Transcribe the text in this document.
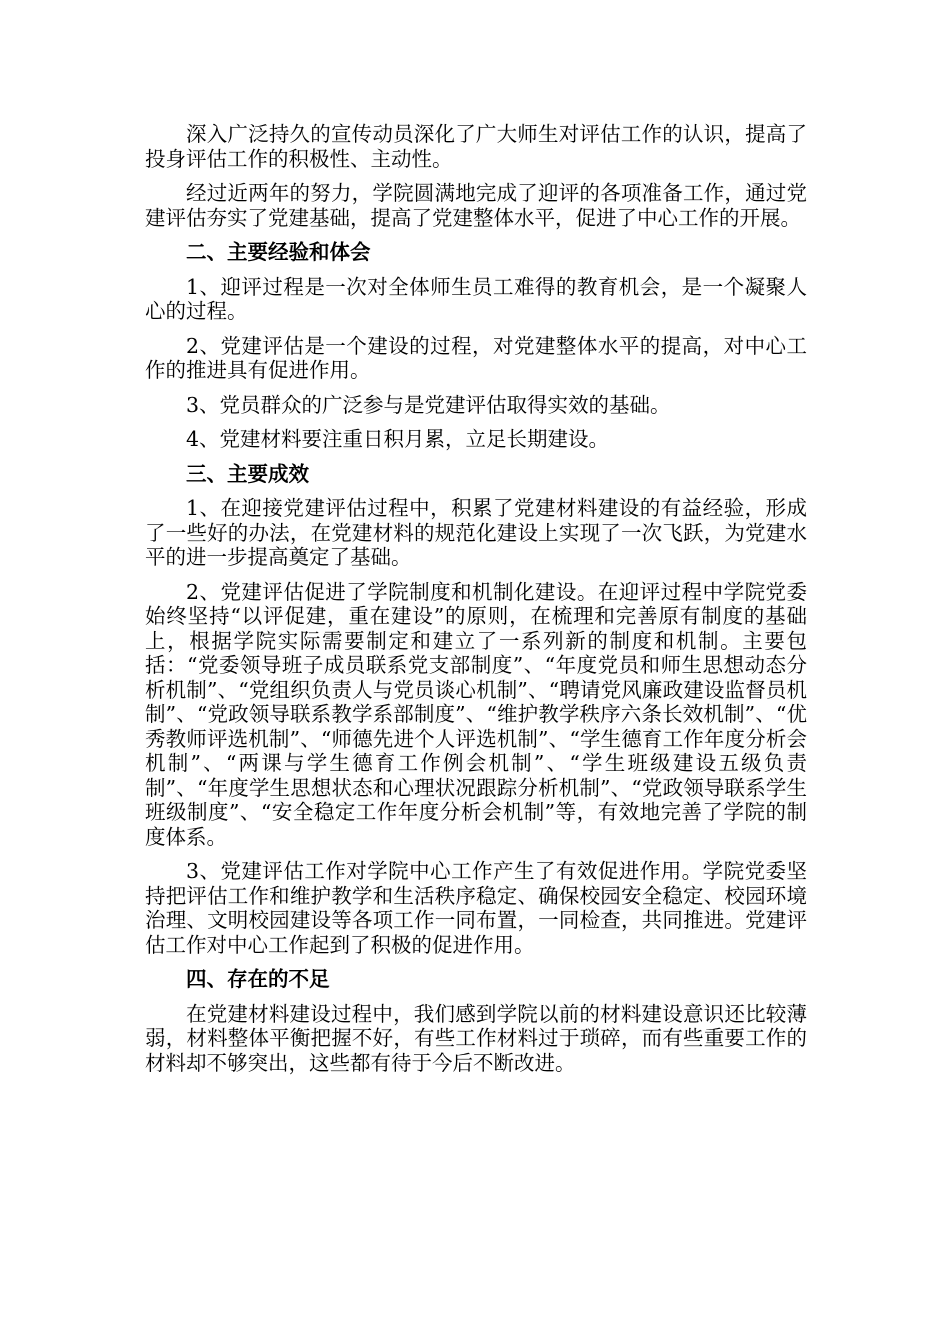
深入广泛持久的宣传动员深化了广大师生对评估工作的认识，提高了投身评估工作的积极性、主动性。

经过近两年的努力，学院圆满地完成了迎评的各项准备工作，通过党建评估夯实了党建基础，提高了党建整体水平，促进了中心工作的开展。

二、主要经验和体会

1、迎评过程是一次对全体师生员工难得的教育机会，是一个凝聚人心的过程。

2、党建评估是一个建设的过程，对党建整体水平的提高，对中心工作的推进具有促进作用。

3、党员群众的广泛参与是党建评估取得实效的基础。

4、党建材料要注重日积月累，立足长期建设。

三、主要成效

1、在迎接党建评估过程中，积累了党建材料建设的有益经验，形成了一些好的办法，在党建材料的规范化建设上实现了一次飞跃，为党建水平的进一步提高奠定了基础。

2、党建评估促进了学院制度和机制化建设。在迎评过程中学院党委始终坚持“以评促建，重在建设”的原则，在梳理和完善原有制度的基础上，根据学院实际需要制定和建立了一系列新的制度和机制。主要包括：“党委领导班子成员联系党支部制度”、“年度党员和师生思想动态分析机制”、“党组织负责人与党员谈心机制”、“聘请党风廉政建设监督员机制”、“党政领导联系教学系部制度”、“维护教学秩序六条长效机制”、“优秀教师评选机制”、“师德先进个人评选机制”、“学生德育工作年度分析会机制”、“两课与学生德育工作例会机制”、“学生班级建设五级负责制”、“年度学生思想状态和心理状况跟踪分析机制”、“党政领导联系学生班级制度”、“安全稳定工作年度分析会机制”等，有效地完善了学院的制度体系。

3、党建评估工作对学院中心工作产生了有效促进作用。学院党委坚持把评估工作和维护教学和生活秩序稳定、确保校园安全稳定、校园环境治理、文明校园建设等各项工作一同布置，一同检查，共同推进。党建评估工作对中心工作起到了积极的促进作用。

四、存在的不足

在党建材料建设过程中，我们感到学院以前的材料建设意识还比较薄弱，材料整体平衡把握不好，有些工作材料过于琐碎，而有些重要工作的材料却不够突出，这些都有待于今后不断改进。
